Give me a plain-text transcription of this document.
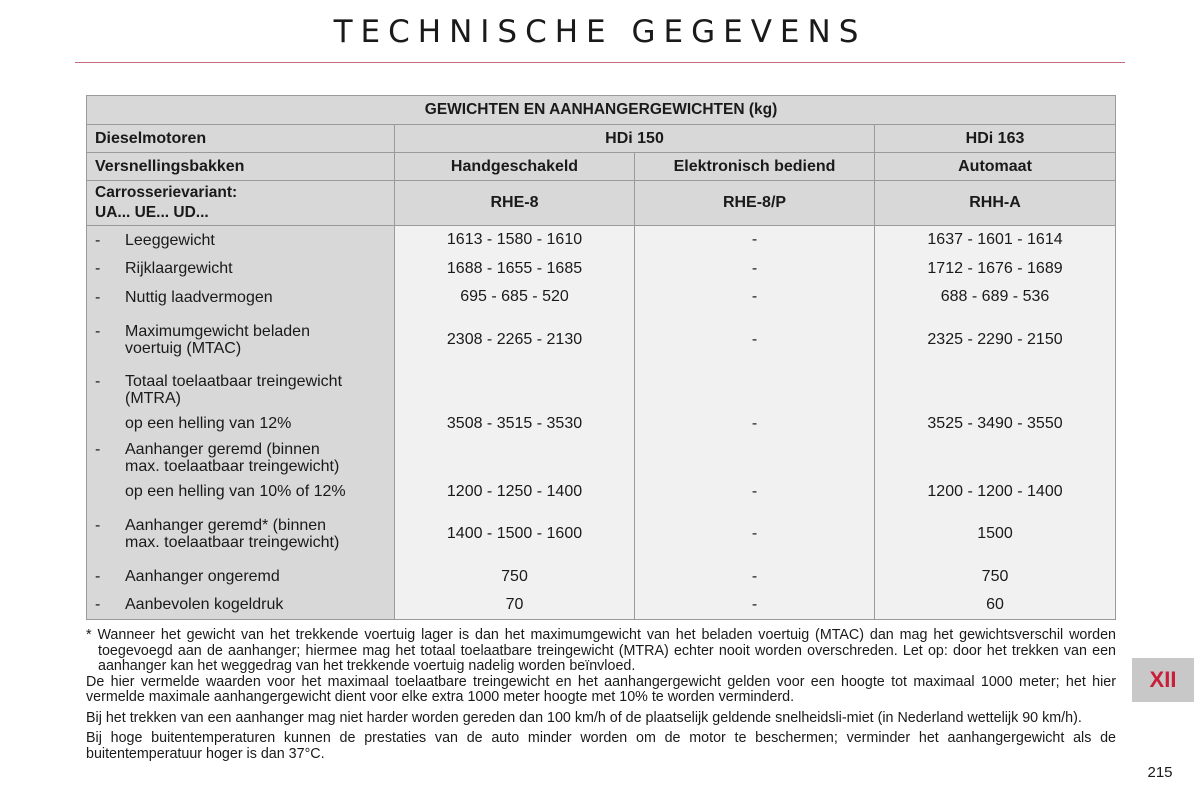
TECHNISCHE GEGEVENS
GEWICHTEN EN AANHANGERGEWICHTEN (kg)			
Dieselmotoren	HDi 150		HDi 163
Versnellingsbakken	Handgeschakeld	Elektronisch bediend	Automaat

Carrosserievariant:
UA... UE... UD...	RHE-8	RHE-8/P	RHH-A

- Leeggewicht	1613 - 1580 - 1610	-	1637 - 1601 - 1614

- Rijklaargewicht	1688 - 1655 - 1685	-	1712 - 1676 - 1689

- Nuttig laadvermogen	695 - 685 - 520	-	688 - 689 - 536

- Maximumgewicht beladen voertuig (MTAC)	2308 - 2265 - 2130	-	2325 - 2290 - 2150

- Totaal toelaatbaar treingewicht (MTRA)
op een helling van 12%	3508 - 3515 - 3530	-	3525 - 3490 - 3550

- Aanhanger geremd (binnen max. toelaatbaar treingewicht)
op een helling van 10% of 12%	1200 - 1250 - 1400	-	1200 - 1200 - 1400

- Aanhanger geremd* (binnen max. toelaatbaar treingewicht)	1400 - 1500 - 1600	-	1500

- Aanhanger ongeremd	750	-	750

- Aanbevolen kogeldruk	70	-	60

* Wanneer het gewicht van het trekkende voertuig lager is dan het maximumgewicht van het beladen voertuig (MTAC) dan mag het gewichtsverschil worden toegevoegd aan de aanhanger; hiermee mag het totaal toelaatbare treingewicht (MTRA) echter nooit worden overschreden. Let op: door het trekken van een aanhanger kan het weggedrag van het trekkende voertuig nadelig worden beïnvloed.

De hier vermelde waarden voor het maximaal toelaatbare treingewicht en het aanhangergewicht gelden voor een hoogte tot maximaal 1000 meter; het hier vermelde maximale aanhangergewicht dient voor elke extra 1000 meter hoogte met 10% te worden verminderd.

Bij het trekken van een aanhanger mag niet harder worden gereden dan 100 km/h of de plaatselijk geldende snelheidsli-miet (in Nederland wettelijk 90 km/h).

Bij hoge buitentemperaturen kunnen de prestaties van de auto minder worden om de motor te beschermen; verminder het aanhangergewicht als de buitentemperatuur hoger is dan 37°C.

XII
215
